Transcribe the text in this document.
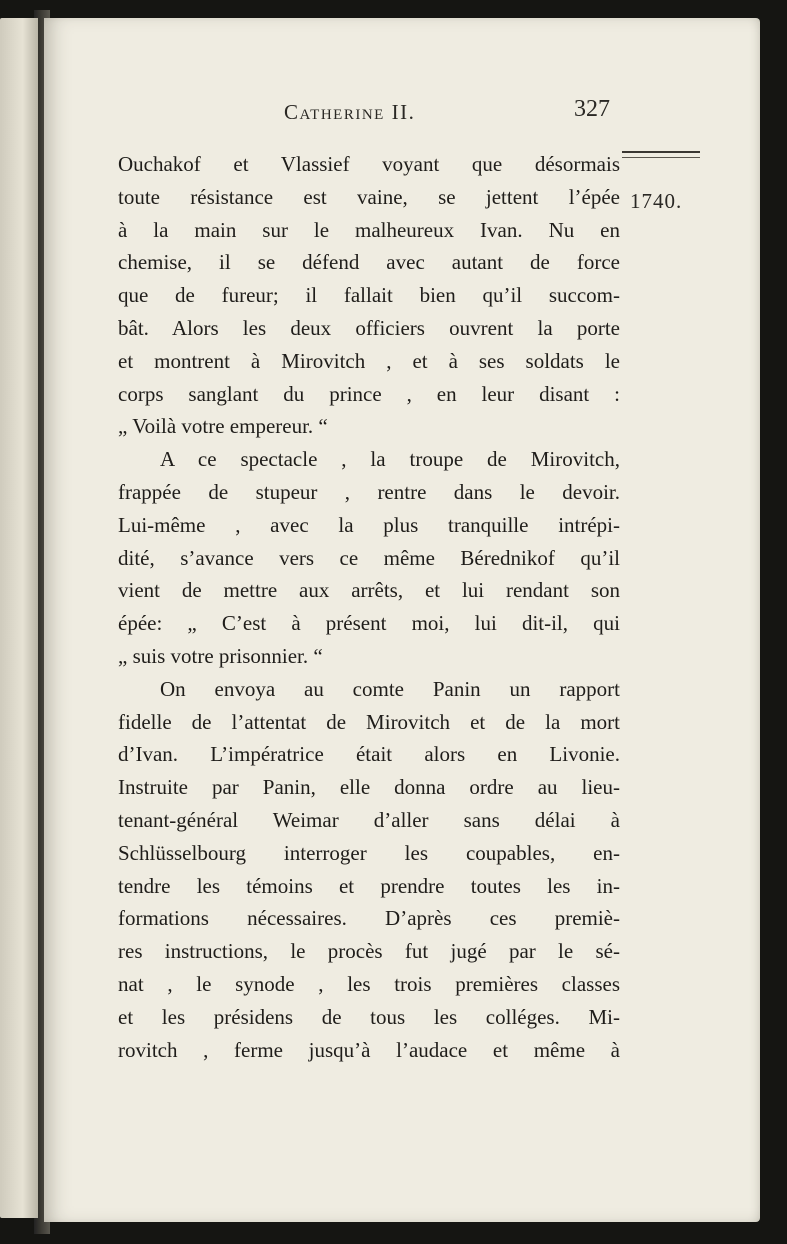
Catherine II.	327
1740.
Ouchakof et Vlassief voyant que désormais
toute résistance est vaine, se jettent l’épée
à la main sur le malheureux Ivan. Nu en
chemise, il se défend avec autant de force
que de fureur; il fallait bien qu’il succom-
bât. Alors les deux officiers ouvrent la porte
et montrent à Mirovitch , et à ses soldats le
corps sanglant du prince , en leur disant :
„ Voilà votre empereur. “
A ce spectacle , la troupe de Mirovitch,
frappée de stupeur , rentre dans le devoir.
Lui-même , avec la plus tranquille intrépi-
dité, s’avance vers ce même Bérednikof qu’il
vient de mettre aux arrêts, et lui rendant son
épée: „ C’est à présent moi, lui dit-il, qui
„ suis votre prisonnier. “
On envoya au comte Panin un rapport
fidelle de l’attentat de Mirovitch et de la mort
d’Ivan. L’impératrice était alors en Livonie.
Instruite par Panin, elle donna ordre au lieu-
tenant-général Weimar d’aller sans délai à
Schlüsselbourg interroger les coupables, en-
tendre les témoins et prendre toutes les in-
formations nécessaires. D’après ces premiè-
res instructions, le procès fut jugé par le sé-
nat , le synode , les trois premières classes
et les présidens de tous les colléges. Mi-
rovitch , ferme jusqu’à l’audace et même à
